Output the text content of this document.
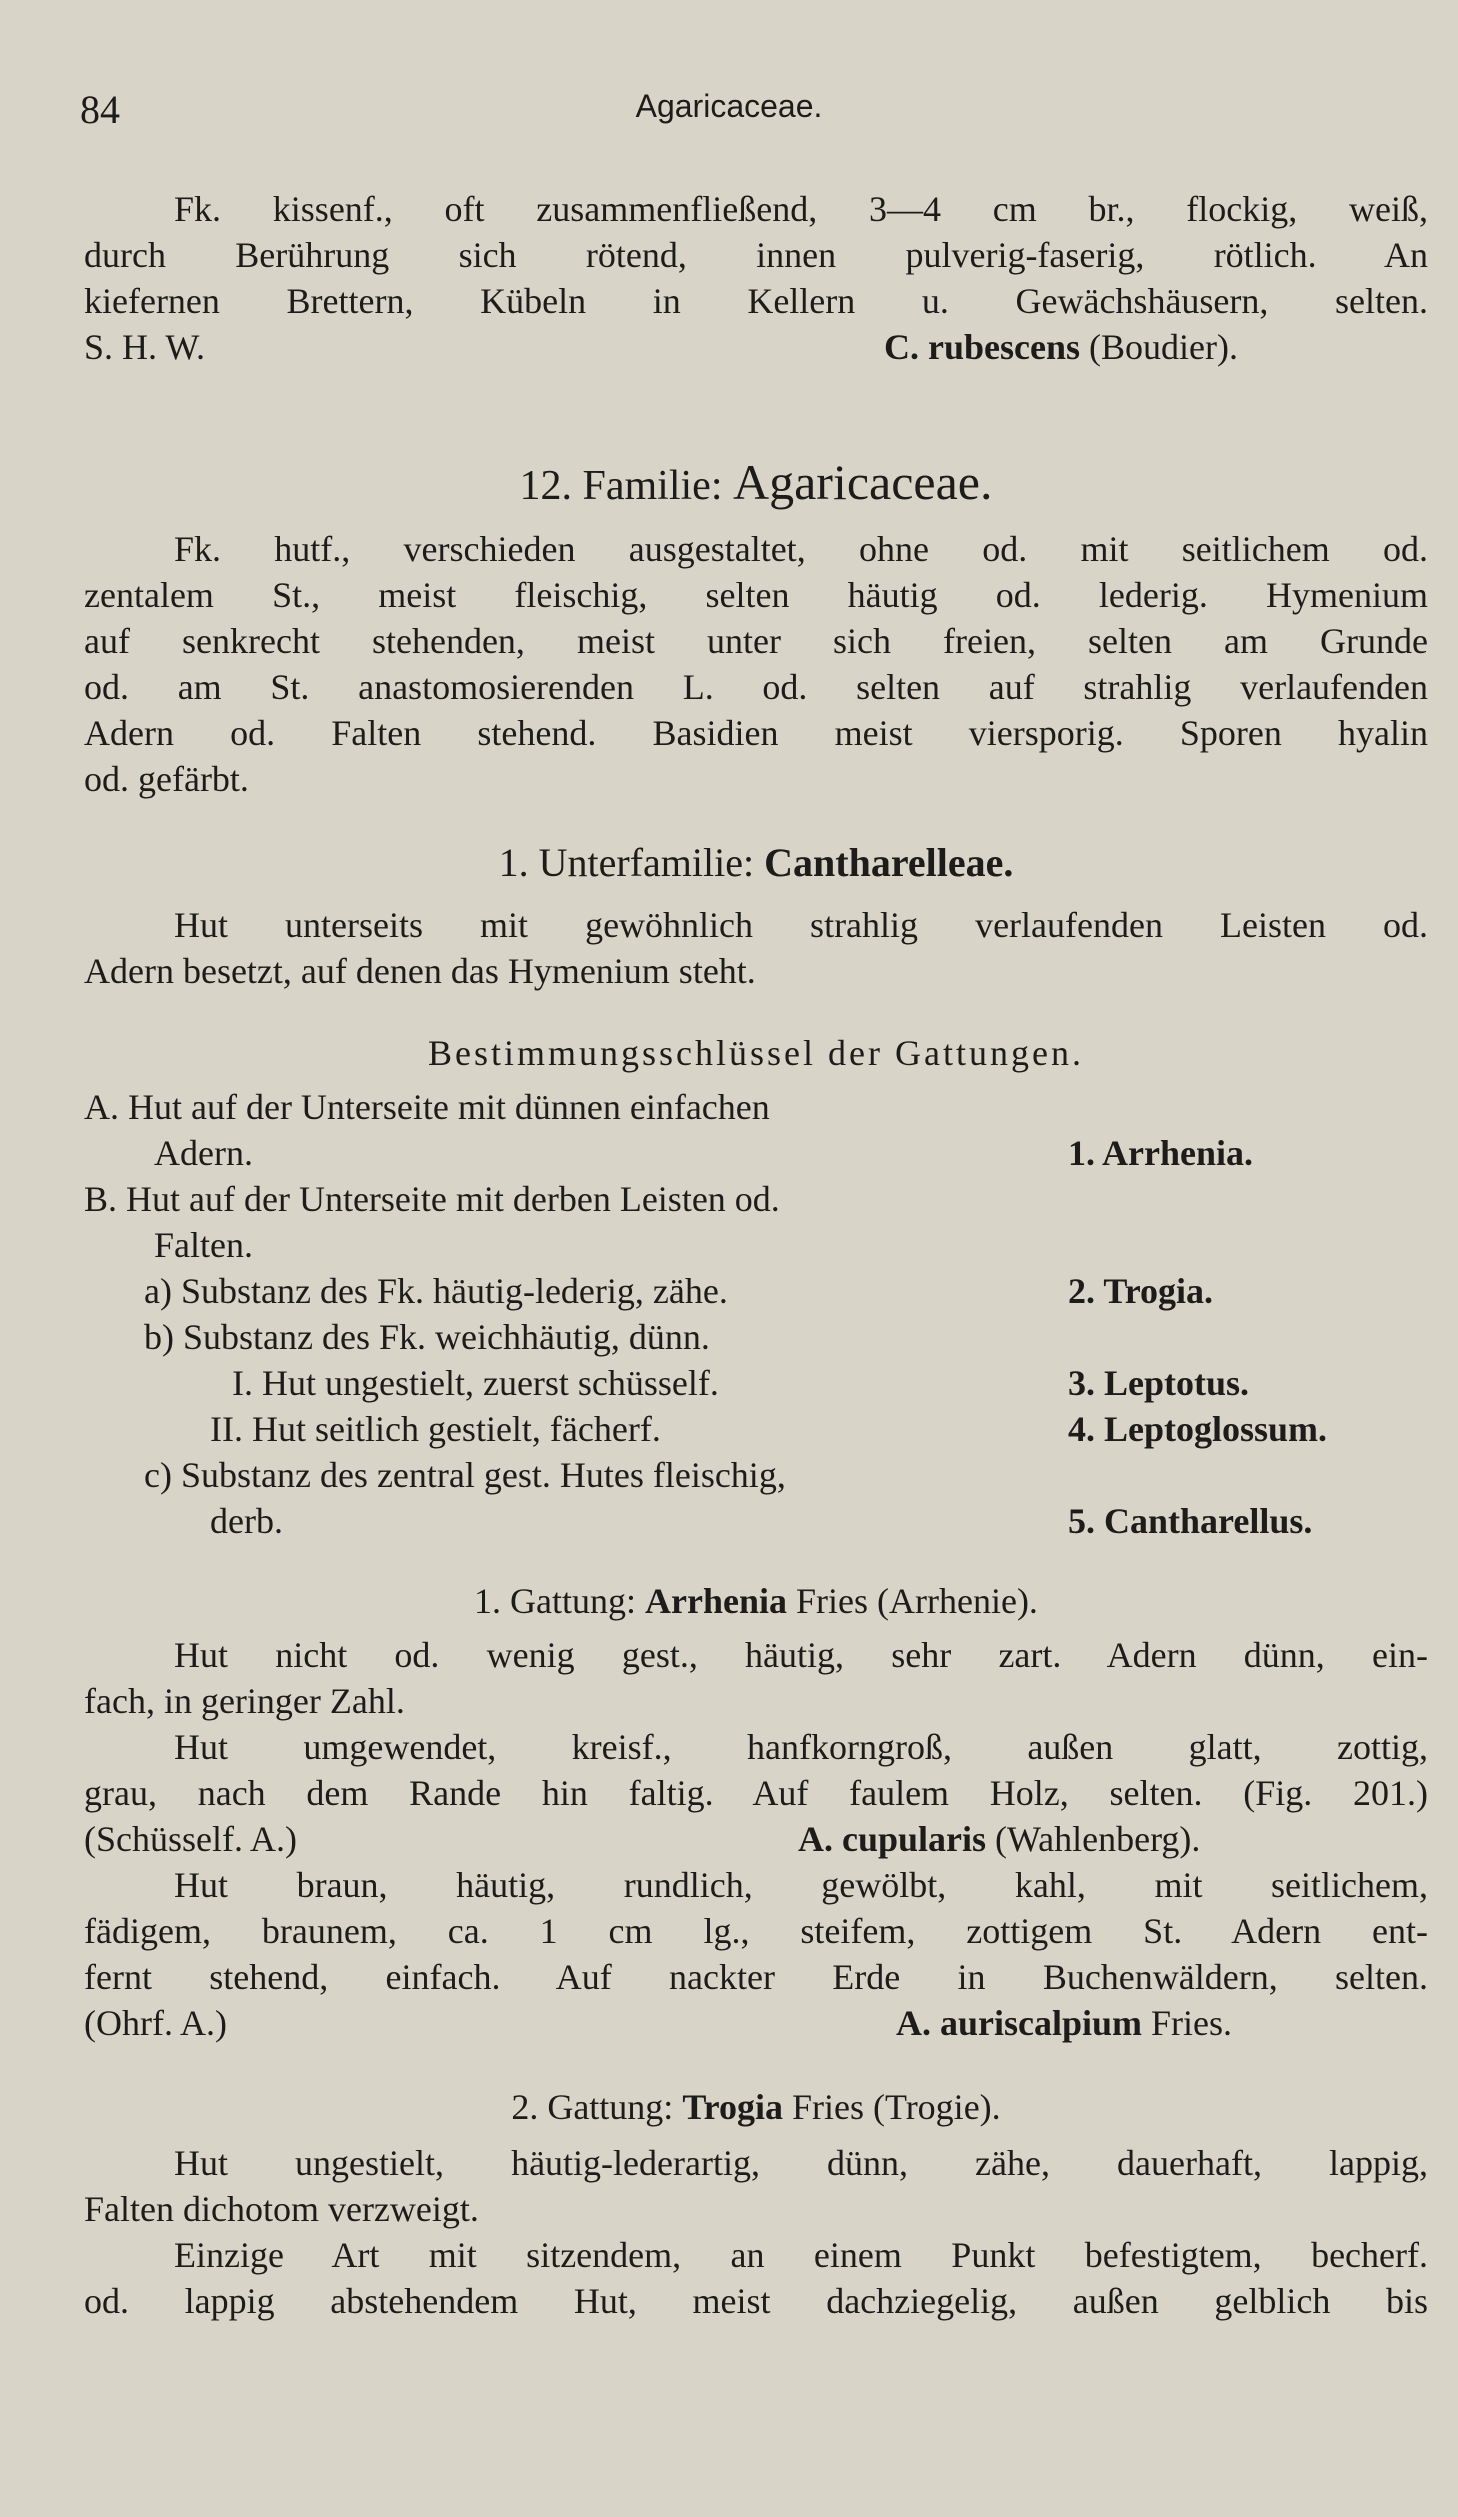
84	Agaricaceae.
Fk. kissenf., oft zusammenfließend, 3—4 cm br., flockig, weiß,
durch Berührung sich rötend, innen pulverig-faserig, rötlich. An
kiefernen Brettern, Kübeln in Kellern u. Gewächshäusern, selten.
S. H. W.	C. rubescens (Boudier).
12. Familie: Agaricaceae.
Fk. hutf., verschieden ausgestaltet, ohne od. mit seitlichem od.
zentalem St., meist fleischig, selten häutig od. lederig. Hymenium
auf senkrecht stehenden, meist unter sich freien, selten am Grunde
od. am St. anastomosierenden L. od. selten auf strahlig verlaufenden
Adern od. Falten stehend. Basidien meist viersporig. Sporen hyalin
od. gefärbt.
1. Unterfamilie: Cantharelleae.
Hut unterseits mit gewöhnlich strahlig verlaufenden Leisten od.
Adern besetzt, auf denen das Hymenium steht.
Bestimmungsschlüssel der Gattungen.
A. Hut auf der Unterseite mit dünnen einfachen
Adern.	1. Arrhenia.
B. Hut auf der Unterseite mit derben Leisten od.
Falten.
a) Substanz des Fk. häutig-lederig, zähe.	2. Trogia.
b) Substanz des Fk. weichhäutig, dünn.
I. Hut ungestielt, zuerst schüsself.	3. Leptotus.
II. Hut seitlich gestielt, fächerf.	4. Leptoglossum.
c) Substanz des zentral gest. Hutes fleischig,
derb.	5. Cantharellus.
1. Gattung: Arrhenia Fries (Arrhenie).
Hut nicht od. wenig gest., häutig, sehr zart. Adern dünn, ein-
fach, in geringer Zahl.
Hut umgewendet, kreisf., hanfkorngroß, außen glatt, zottig,
grau, nach dem Rande hin faltig. Auf faulem Holz, selten. (Fig. 201.)
(Schüsself. A.)	A. cupularis (Wahlenberg).
Hut braun, häutig, rundlich, gewölbt, kahl, mit seitlichem,
fädigem, braunem, ca. 1 cm lg., steifem, zottigem St. Adern ent-
fernt stehend, einfach. Auf nackter Erde in Buchenwäldern, selten.
(Ohrf. A.)	A. auriscalpium Fries.
2. Gattung: Trogia Fries (Trogie).
Hut ungestielt, häutig-lederartig, dünn, zähe, dauerhaft, lappig,
Falten dichotom verzweigt.
Einzige Art mit sitzendem, an einem Punkt befestigtem, becherf.
od. lappig abstehendem Hut, meist dachziegelig, außen gelblich bis
